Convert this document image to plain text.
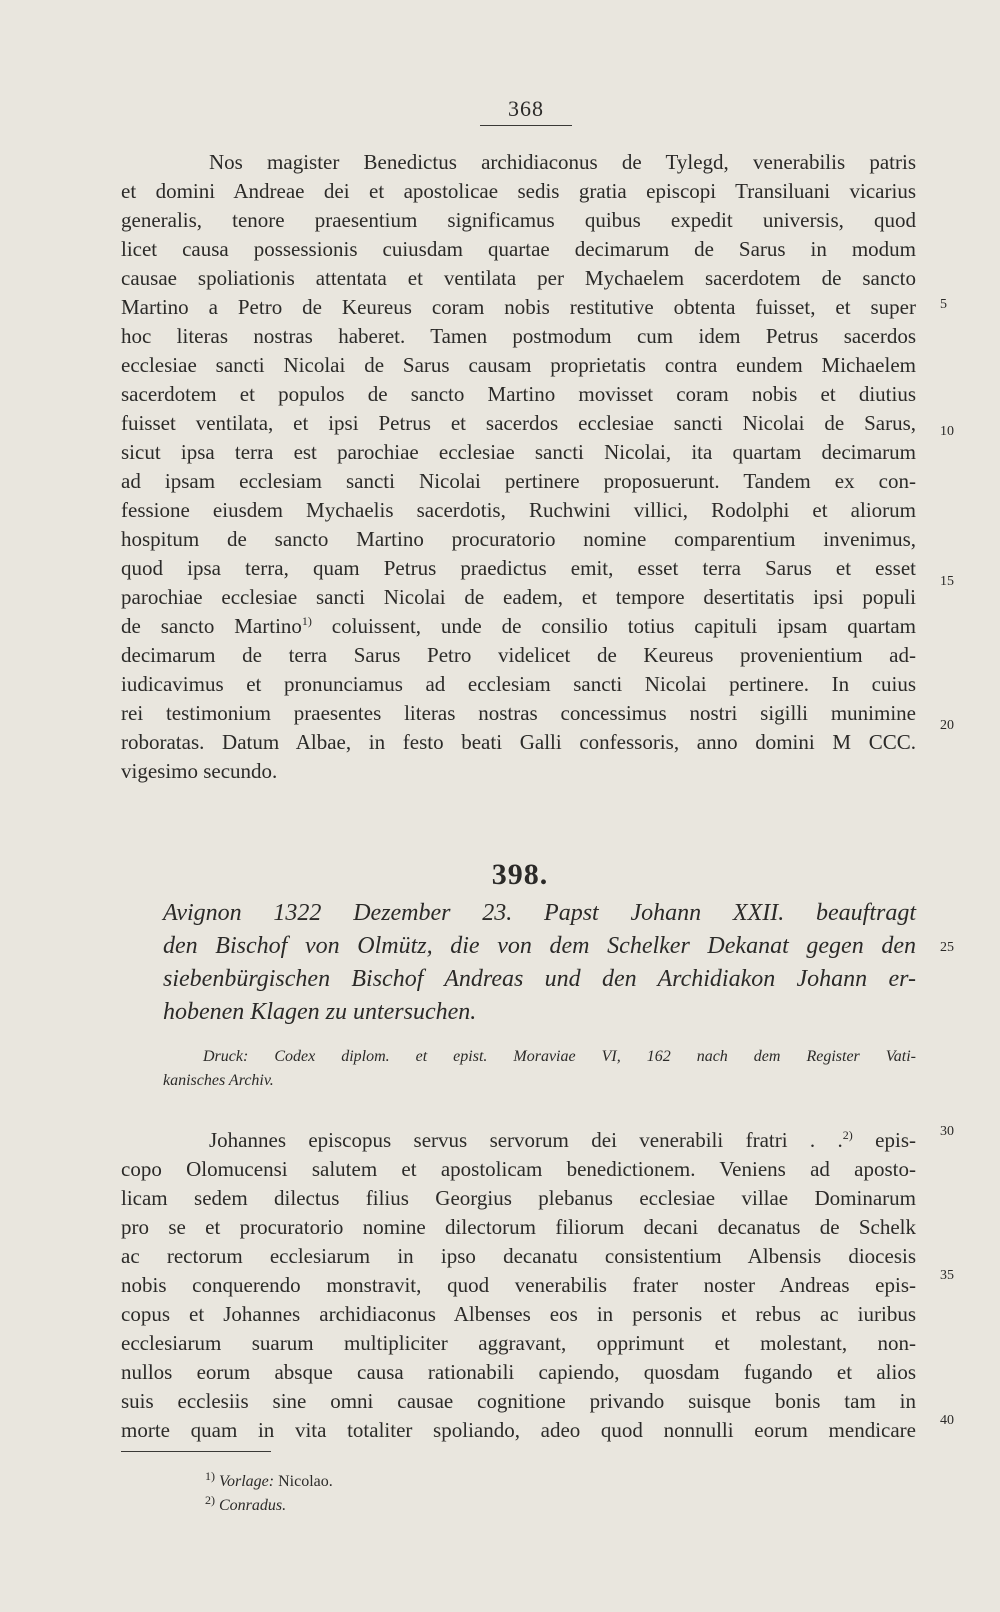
368
Nos magister Benedictus archidiaconus de Tylegd, venerabilis patris
et domini Andreae dei et apostolicae sedis gratia episcopi Transiluani vicarius
generalis, tenore praesentium significamus quibus expedit universis, quod
licet causa possessionis cuiusdam quartae decimarum de Sarus in modum
causae spoliationis attentata et ventilata per Mychaelem sacerdotem de sancto
Martino a Petro de Keureus coram nobis restitutive obtenta fuisset, et super
hoc literas nostras haberet. Tamen postmodum cum idem Petrus sacerdos
ecclesiae sancti Nicolai de Sarus causam proprietatis contra eundem Michaelem
sacerdotem et populos de sancto Martino movisset coram nobis et diutius
fuisset ventilata, et ipsi Petrus et sacerdos ecclesiae sancti Nicolai de Sarus,
sicut ipsa terra est parochiae ecclesiae sancti Nicolai, ita quartam decimarum
ad ipsam ecclesiam sancti Nicolai pertinere proposuerunt. Tandem ex con-
fessione eiusdem Mychaelis sacerdotis, Ruchwini villici, Rodolphi et aliorum
hospitum de sancto Martino procuratorio nomine comparentium invenimus,
quod ipsa terra, quam Petrus praedictus emit, esset terra Sarus et esset
parochiae ecclesiae sancti Nicolai de eadem, et tempore desertitatis ipsi populi
de sancto Martino$^{1)}$ coluissent, unde de consilio totius capituli ipsam quartam
decimarum de terra Sarus Petro videlicet de Keureus provenientium ad-
iudicavimus et pronunciamus ad ecclesiam sancti Nicolai pertinere. In cuius
rei testimonium praesentes literas nostras concessimus nostri sigilli munimine
roboratas. Datum Albae, in festo beati Galli confessoris, anno domini M CCC.
vigesimo secundo.
5
10
15
20
398.
Avignon 1322 Dezember 23. Papst Johann XXII. beauftragt
den Bischof von Olmütz, die von dem Schelker Dekanat gegen den
siebenbürgischen Bischof Andreas und den Archidiakon Johann er-
hobenen Klagen zu untersuchen.
25
Druck: Codex diplom. et epist. Moraviae VI, 162 nach dem Register Vati-
kanisches Archiv.
Johannes episcopus servus servorum dei venerabili fratri . .$^{2)}$ epis-
copo Olomucensi salutem et apostolicam benedictionem. Veniens ad aposto-
licam sedem dilectus filius Georgius plebanus ecclesiae villae Dominarum
pro se et procuratorio nomine dilectorum filiorum decani decanatus de Schelk
ac rectorum ecclesiarum in ipso decanatu consistentium Albensis diocesis
nobis conquerendo monstravit, quod venerabilis frater noster Andreas epis-
copus et Johannes archidiaconus Albenses eos in personis et rebus ac iuribus
ecclesiarum suarum multipliciter aggravant, opprimunt et molestant, non-
nullos eorum absque causa rationabili capiendo, quosdam fugando et alios
suis ecclesiis sine omni causae cognitione privando suisque bonis tam in
morte quam in vita totaliter spoliando, adeo quod nonnulli eorum mendicare
30
35
40
$^{1)}$ Vorlage: Nicolao.
$^{2)}$ Conradus.
